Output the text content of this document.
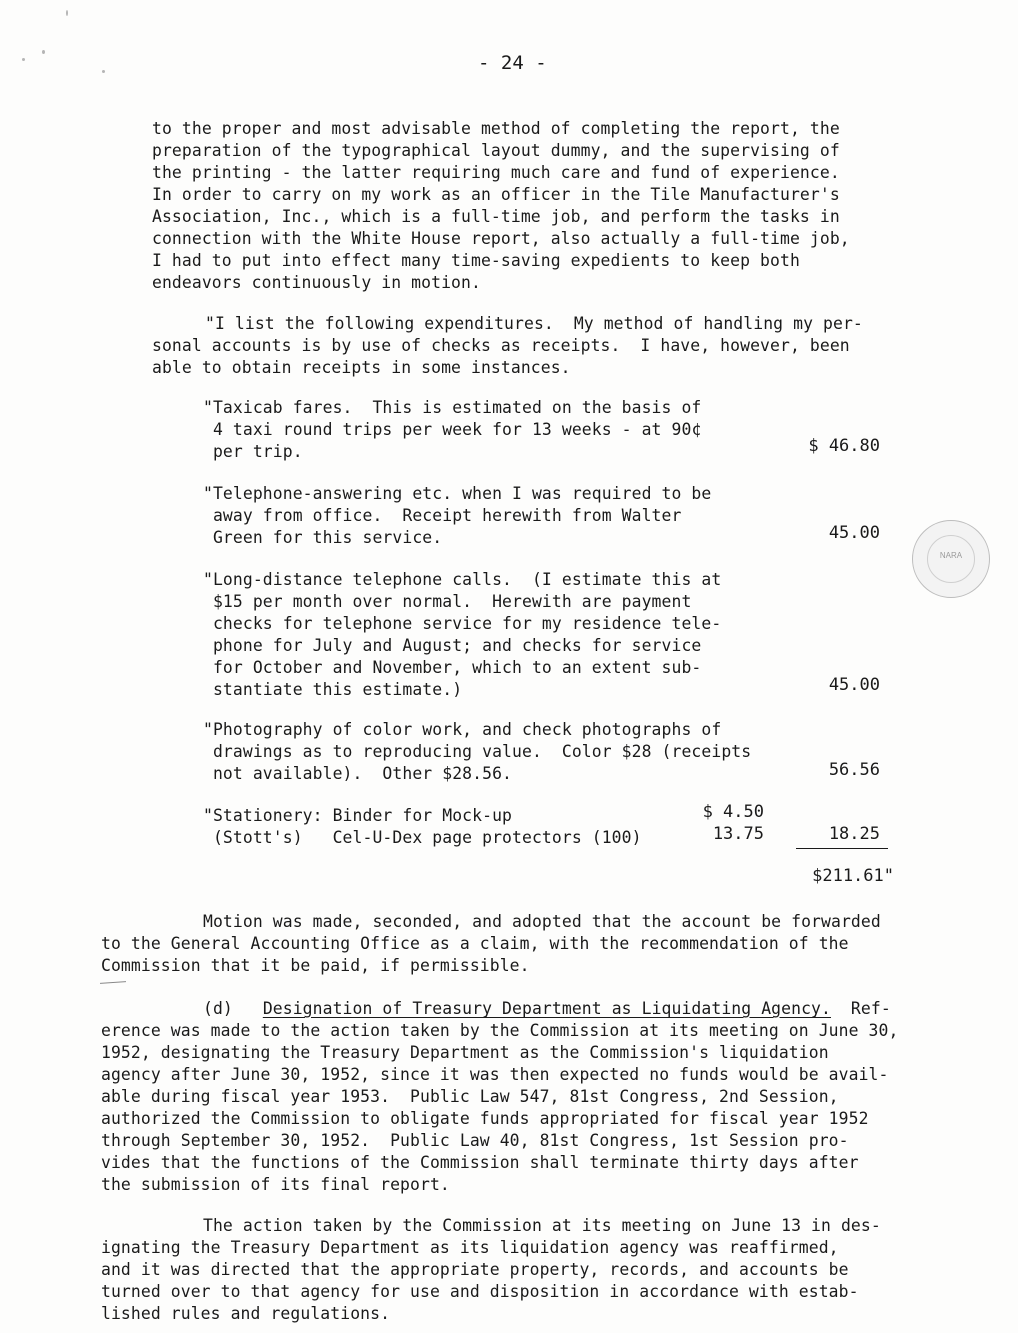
- 24 -
to the proper and most advisable method of completing the report, the
preparation of the typographical layout dummy, and the supervising of
the printing - the latter requiring much care and fund of experience.
In order to carry on my work as an officer in the Tile Manufacturer's
Association, Inc., which is a full-time job, and perform the tasks in
connection with the White House report, also actually a full-time job,
I had to put into effect many time-saving expedients to keep both
endeavors continuously in motion.
"I list the following expenditures.  My method of handling my per-
sonal accounts is by use of checks as receipts.  I have, however, been
able to obtain receipts in some instances.
"Taxicab fares.  This is estimated on the basis of
4 taxi round trips per week for 13 weeks - at 90¢
per trip.	$ 46.80
"Telephone-answering etc. when I was required to be
away from office.  Receipt herewith from Walter
Green for this service.	45.00
"Long-distance telephone calls.  (I estimate this at
$15 per month over normal.  Herewith are payment
checks for telephone service for my residence tele-
phone for July and August; and checks for service
for October and November, which to an extent sub-
stantiate this estimate.)	45.00
"Photography of color work, and check photographs of
drawings as to reproducing value.  Color $28 (receipts
not available).  Other $28.56.	56.56
"Stationery: Binder for Mock-up	$ 4.50
(Stott's)   Cel-U-Dex page protectors (100)	13.75	18.25
$211.61"
Motion was made, seconded, and adopted that the account be forwarded
to the General Accounting Office as a claim, with the recommendation of the
Commission that it be paid, if permissible.
(d) Designation of Treasury Department as Liquidating Agency.  Ref-
erence was made to the action taken by the Commission at its meeting on June 30,
1952, designating the Treasury Department as the Commission's liquidation
agency after June 30, 1952, since it was then expected no funds would be avail-
able during fiscal year 1953.  Public Law 547, 81st Congress, 2nd Session,
authorized the Commission to obligate funds appropriated for fiscal year 1952
through September 30, 1952.  Public Law 40, 81st Congress, 1st Session pro-
vides that the functions of the Commission shall terminate thirty days after
the submission of its final report.
The action taken by the Commission at its meeting on June 13 in des-
ignating the Treasury Department as its liquidation agency was reaffirmed,
and it was directed that the appropriate property, records, and accounts be
turned over to that agency for use and disposition in accordance with estab-
lished rules and regulations.
NARA
